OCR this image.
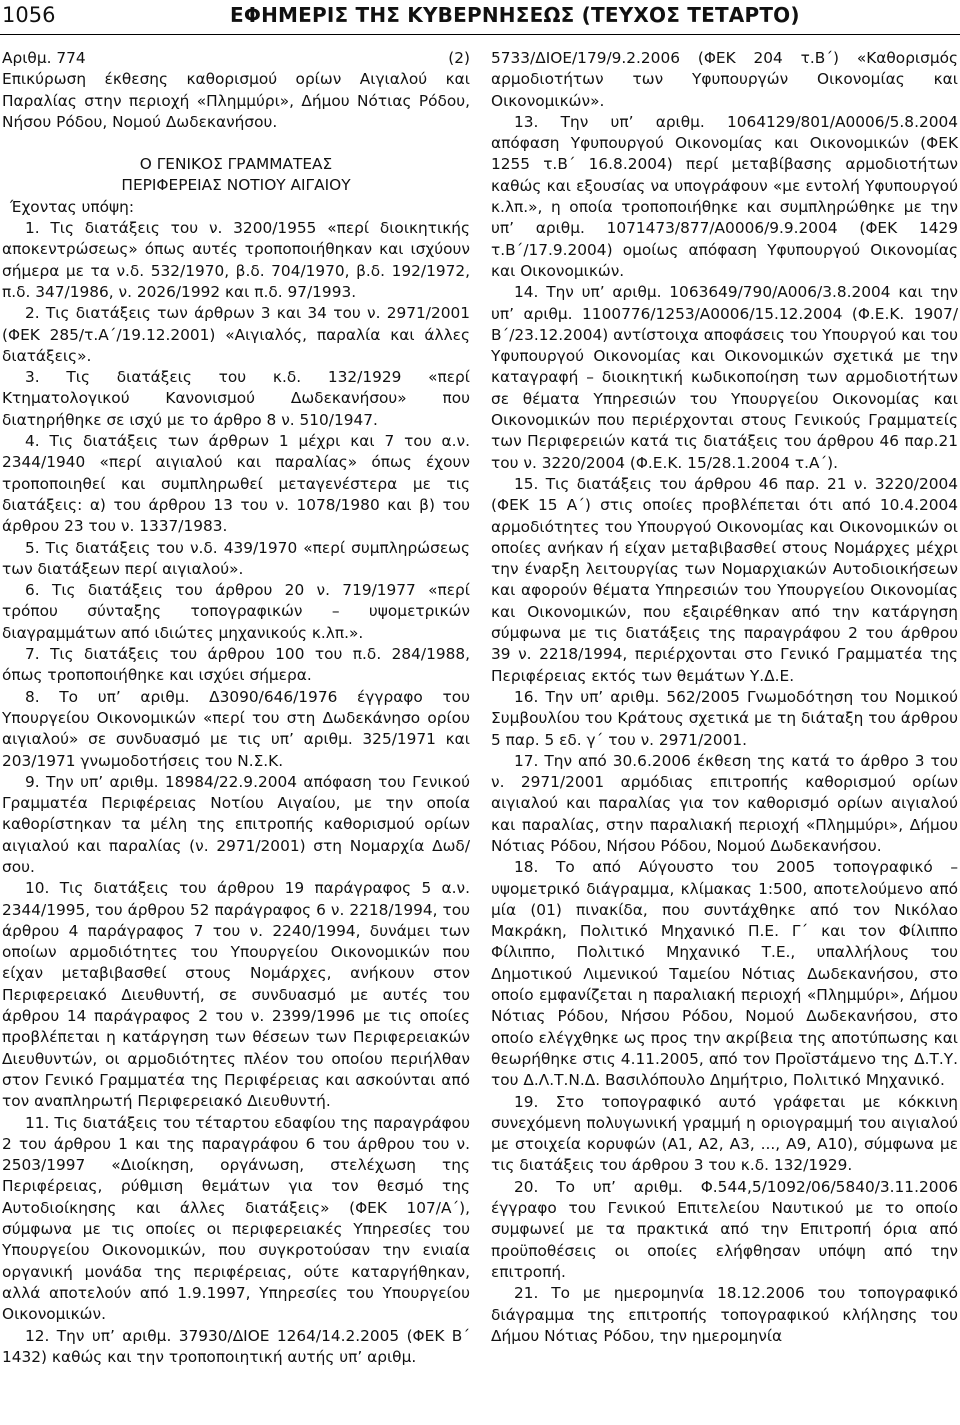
1056	ΕΦΗΜΕΡΙΣ ΤΗΣ ΚΥΒΕΡΝΗΣΕΩΣ (ΤΕΥΧΟΣ ΤΕΤΑΡΤΟ)
Αριθμ. 774	(2)

Επικύρωση έκθεσης καθορισμού ορίων Αιγιαλού και Παραλίας στην περιοχή «Πλημμύρι», Δήμου Νότιας Ρόδου, Νήσου Ρόδου, Νομού Δωδεκανήσου.

Ο ΓΕΝΙΚΟΣ ΓΡΑΜΜΑΤΕΑΣ

ΠΕΡΙΦΕΡΕΙΑΣ ΝΟΤΙΟΥ ΑΙΓΑΙΟΥ

Έχοντας υπόψη:

1. Τις διατάξεις του ν. 3200/1955 «περί διοικητικής αποκεντρώσεως» όπως αυτές τροποποιήθηκαν και ισχύουν σήμερα με τα ν.δ. 532/1970, β.δ. 704/1970, β.δ. 192/1972, π.δ. 347/1986, ν. 2026/1992 και π.δ. 97/1993.

2. Τις διατάξεις των άρθρων 3 και 34 του ν. 2971/2001 (ΦΕΚ 285/τ.Α΄/19.12.2001) «Αιγιαλός, παραλία και άλλες διατάξεις».

3. Τις διατάξεις του κ.δ. 132/1929 «περί Κτηματολογικού Κανονισμού Δωδεκανήσου» που διατηρήθηκε σε ισχύ με το άρθρο 8 ν. 510/1947.

4. Τις διατάξεις των άρθρων 1 μέχρι και 7 του α.ν. 2344/1940 «περί αιγιαλού και παραλίας» όπως έχουν τροποποιηθεί και συμπληρωθεί μεταγενέστερα με τις διατάξεις: α) του άρθρου 13 του ν. 1078/1980 και β) του άρθρου 23 του ν. 1337/1983.

5. Τις διατάξεις του ν.δ. 439/1970 «περί συμπληρώσεως των διατάξεων περί αιγιαλού».

6. Τις διατάξεις του άρθρου 20 ν. 719/1977 «περί τρόπου σύνταξης τοπογραφικών – υψομετρικών διαγραμμάτων από ιδιώτες μηχανικούς κ.λπ.».

7. Τις διατάξεις του άρθρου 100 του π.δ. 284/1988, όπως τροποποιήθηκε και ισχύει σήμερα.

8. Το υπ’ αριθμ. Δ3090/646/1976 έγγραφο του Υπουργείου Οικονομικών «περί του στη Δωδεκάνησο ορίου αιγιαλού» σε συνδυασμό με τις υπ’ αριθμ. 325/1971 και 203/1971 γνωμοδοτήσεις του Ν.Σ.Κ.

9. Την υπ’ αριθμ. 18984/22.9.2004 απόφαση του Γενικού Γραμματέα Περιφέρειας Νοτίου Αιγαίου, με την οποία καθορίστηκαν τα μέλη της επιτροπής καθορισμού ορίων αιγιαλού και παραλίας (ν. 2971/2001) στη Νομαρχία Δωδ/σου.

10. Τις διατάξεις του άρθρου 19 παράγραφος 5 α.ν. 2344/1995, του άρθρου 52 παράγραφος 6 ν. 2218/1994, του άρθρου 4 παράγραφος 7 του ν. 2240/1994, δυνάμει των οποίων αρμοδιότητες του Υπουργείου Οικονομικών που είχαν μεταβιβασθεί στους Νομάρχες, ανήκουν στον Περιφερειακό Διευθυντή, σε συνδυασμό με αυτές του άρθρου 14 παράγραφος 2 του ν. 2399/1996 με τις οποίες προβλέπεται η κατάργηση των θέσεων των Περιφερειακών Διευθυντών, οι αρμοδιότητες πλέον του οποίου περιήλθαν στον Γενικό Γραμματέα της Περιφέρειας και ασκούνται από τον αναπληρωτή Περιφερειακό Διευθυντή.

11. Τις διατάξεις του τέταρτου εδαφίου της παραγράφου 2 του άρθρου 1 και της παραγράφου 6 του άρθρου του ν. 2503/1997 «Διοίκηση, οργάνωση, στελέχωση της Περιφέρειας, ρύθμιση θεμάτων για τον θεσμό της Αυτοδιοίκησης και άλλες διατάξεις» (ΦΕΚ 107/Α΄), σύμφωνα με τις οποίες οι περιφερειακές Υπηρεσίες του Υπουργείου Οικονομικών, που συγκροτούσαν την ενιαία οργανική μονάδα της περιφέρειας, ούτε καταργήθηκαν, αλλά αποτελούν από 1.9.1997, Υπηρεσίες του Υπουργείου Οικονομικών.

12. Την υπ’ αριθμ. 37930/ΔΙΟΕ 1264/14.2.2005 (ΦΕΚ Β΄ 1432) καθώς και την τροποποιητική αυτής υπ’ αριθμ.

5733/ΔΙΟΕ/179/9.2.2006 (ΦΕΚ 204 τ.Β΄) «Καθορισμός αρμοδιοτήτων των Υφυπουργών Οικονομίας και Οικονομικών».

13. Την υπ’ αριθμ. 1064129/801/Α0006/5.8.2004 απόφαση Υφυπουργού Οικονομίας και Οικονομικών (ΦΕΚ 1255 τ.Β΄ 16.8.2004) περί μεταβίβασης αρμοδιοτήτων καθώς και εξουσίας να υπογράφουν «με εντολή Υφυπουργού κ.λπ.», η οποία τροποποιήθηκε και συμπληρώθηκε με την υπ’ αριθμ. 1071473/877/Α0006/9.9.2004 (ΦΕΚ 1429 τ.Β΄/17.9.2004) ομοίως απόφαση Υφυπουργού Οικονομίας και Οικονομικών.

14. Την υπ’ αριθμ. 1063649/790/Α006/3.8.2004 και την υπ’ αριθμ. 1100776/1253/Α0006/15.12.2004 (Φ.Ε.Κ. 1907/Β΄/23.12.2004) αντίστοιχα αποφάσεις του Υπουργού και του Υφυπουργού Οικονομίας και Οικονομικών σχετικά με την καταγραφή – διοικητική κωδικοποίηση των αρμοδιοτήτων σε θέματα Υπηρεσιών του Υπουργείου Οικονομίας και Οικονομικών που περιέρχονται στους Γενικούς Γραμματείς των Περιφερειών κατά τις διατάξεις του άρθρου 46 παρ.21 του ν. 3220/2004 (Φ.Ε.Κ. 15/28.1.2004 τ.Α΄).

15. Τις διατάξεις του άρθρου 46 παρ. 21 ν. 3220/2004 (ΦΕΚ 15 Α΄) στις οποίες προβλέπεται ότι από 10.4.2004 αρμοδιότητες του Υπουργού Οικονομίας και Οικονομικών οι οποίες ανήκαν ή είχαν μεταβιβασθεί στους Νομάρχες μέχρι την έναρξη λειτουργίας των Νομαρχιακών Αυτοδιοικήσεων και αφορούν θέματα Υπηρεσιών του Υπουργείου Οικονομίας και Οικονομικών, που εξαιρέθηκαν από την κατάργηση σύμφωνα με τις διατάξεις της παραγράφου 2 του άρθρου 39 ν. 2218/1994, περιέρχονται στο Γενικό Γραμματέα της Περιφέρειας εκτός των θεμάτων Υ.Δ.Ε.

16. Την υπ’ αριθμ. 562/2005 Γνωμοδότηση του Νομικού Συμβουλίου του Κράτους σχετικά με τη διάταξη του άρθρου 5 παρ. 5 εδ. γ΄ του ν. 2971/2001.

17. Την από 30.6.2006 έκθεση της κατά το άρθρο 3 του ν. 2971/2001 αρμόδιας επιτροπής καθορισμού ορίων αιγιαλού και παραλίας για τον καθορισμό ορίων αιγιαλού και παραλίας, στην παραλιακή περιοχή «Πλημμύρι», Δήμου Νότιας Ρόδου, Νήσου Ρόδου, Νομού Δωδεκανήσου.

18. Το από Αύγουστο του 2005 τοπογραφικό – υψομετρικό διάγραμμα, κλίμακας 1:500, αποτελούμενο από μία (01) πινακίδα, που συντάχθηκε από τον Νικόλαο Μακράκη, Πολιτικό Μηχανικό Π.Ε. Γ΄ και τον Φίλιππο Φίλιππο, Πολιτικό Μηχανικό Τ.Ε., υπαλλήλους του Δημοτικού Λιμενικού Ταμείου Νότιας Δωδεκανήσου, στο οποίο εμφανίζεται η παραλιακή περιοχή «Πλημμύρι», Δήμου Νότιας Ρόδου, Νήσου Ρόδου, Νομού Δωδεκανήσου, στο οποίο ελέγχθηκε ως προς την ακρίβεια της αποτύπωσης και θεωρήθηκε στις 4.11.2005, από τον Προϊστάμενο της Δ.Τ.Υ. του Δ.Λ.Τ.Ν.Δ. Βασιλόπουλο Δημήτριο, Πολιτικό Μηχανικό.

19. Στο τοπογραφικό αυτό γράφεται με κόκκινη συνεχόμενη πολυγωνική γραμμή η οριογραμμή του αιγιαλού με στοιχεία κορυφών (Α1, Α2, Α3, ..., Α9, Α10), σύμφωνα με τις διατάξεις του άρθρου 3 του κ.δ. 132/1929.

20. Το υπ’ αριθμ. Φ.544,5/1092/06/5840/3.11.2006 έγγραφο του Γενικού Επιτελείου Ναυτικού με το οποίο συμφωνεί με τα πρακτικά από την Επιτροπή όρια από προϋποθέσεις οι οποίες ελήφθησαν υπόψη από την επιτροπή.

21. Το με ημερομηνία 18.12.2006 του τοπογραφικό διάγραμμα της επιτροπής τοπογραφικού κλήλησης του Δήμου Νότιας Ρόδου, την ημερομηνία
